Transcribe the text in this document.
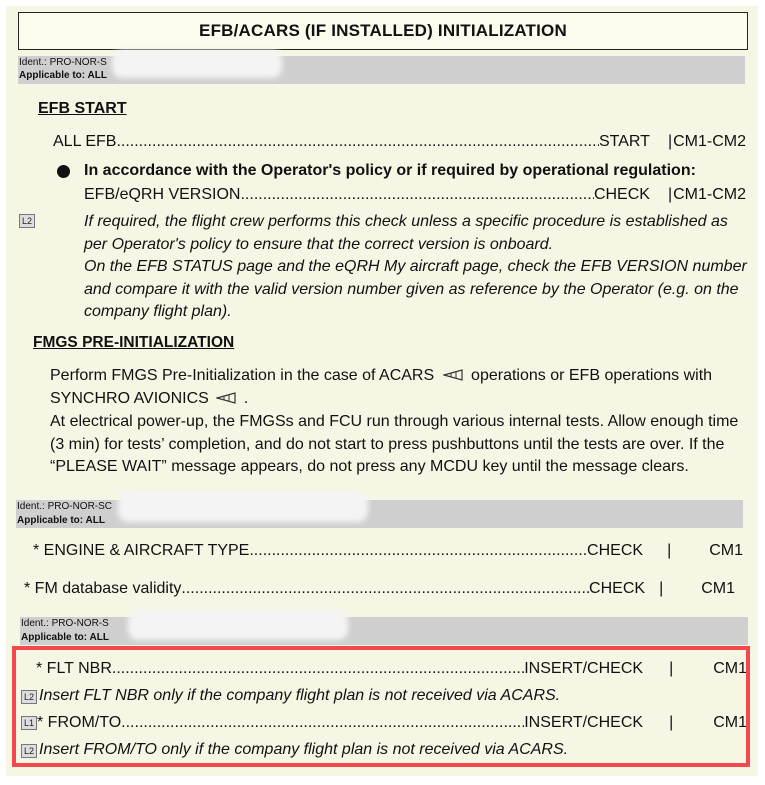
EFB/ACARS (IF INSTALLED) INITIALIZATION
Ident.: PRO-NOR-S
Applicable to: ALL
EFB START
ALL EFB .....	START	| CM1-CM2
In accordance with the Operator's policy or if required by operational regulation:
EFB/eQRH VERSION .....	CHECK	| CM1-CM2
L2	If required, the flight crew performs this check unless a specific procedure is established as
per Operator's policy to ensure that the correct version is onboard.
On the EFB STATUS page and the eQRH My aircraft page, check the EFB VERSION number
and compare it with the valid version number given as reference by the Operator (e.g. on the
company flight plan).
FMGS PRE-INITIALIZATION
Perform FMGS Pre-Initialization in the case of ACARS operations or EFB operations with
SYNCHRO AVIONICS .
At electrical power-up, the FMGSs and FCU run through various internal tests. Allow enough time
(3 min) for tests’ completion, and do not start to press pushbuttons until the tests are over. If the
“PLEASE WAIT” message appears, do not press any MCDU key until the message clears.
Ident.: PRO-NOR-SC
Applicable to: ALL
* ENGINE & AIRCRAFT TYPE .....	CHECK	|	CM1
* FM database validity .....	CHECK |	CM1
Ident.: PRO-NOR-S
Applicable to: ALL
* FLT NBR .....	INSERT/CHECK	|	CM1
L2 Insert FLT NBR only if the company flight plan is not received via ACARS.
L1 * FROM/TO .....	INSERT/CHECK	|	CM1
L2 Insert FROM/TO only if the company flight plan is not received via ACARS.
